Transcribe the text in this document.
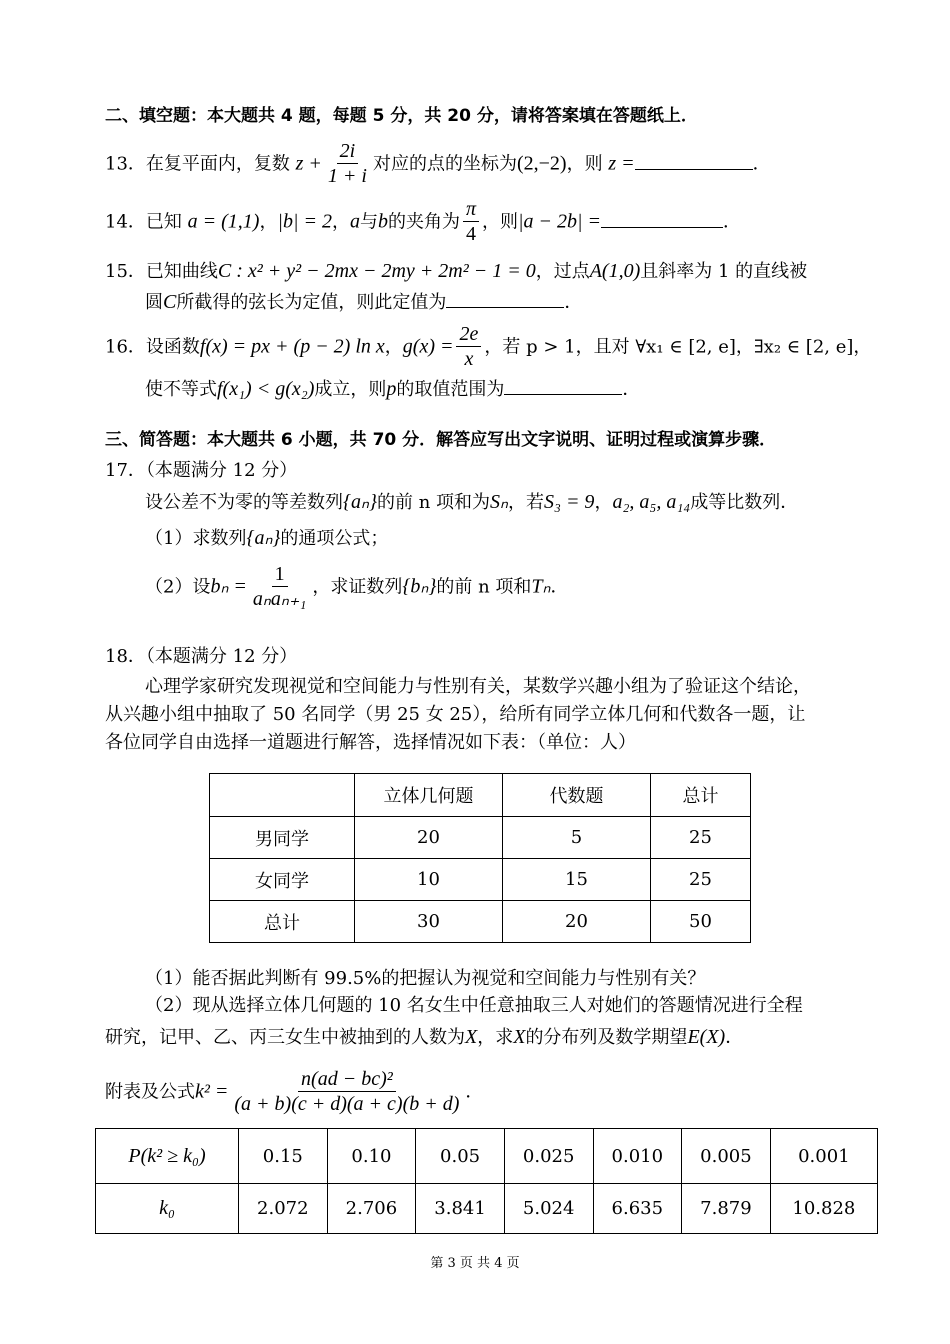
二、填空题：本大题共 4 题，每题 5 分，共 20 分，请将答案填在答题纸上．
13．在复平面内，复数 $z + \frac{2i}{1 + i}$ 对应的点的坐标为(2,−2)，则 z =	．
14．已知 a = (1,1)，|b| = 2，a与b的夹角为 $\frac{\pi}{4}$ ，则|a − 2b| =	．
15．已知曲线C : x² + y² − 2mx − 2my + 2m² − 1 = 0，过点A(1,0)且斜率为 1 的直线被
圆C所截得的弦长为定值，则此定值为	．
16．设函数f(x) = px + (p − 2) ln x，$g(x) = \frac{2e}{x}$ ，若 p > 1，且对 ∀x₁ ∈ [2, e]，∃x₂ ∈ [2, e]，
使不等式f(x₁) < g(x₂)成立，则p的取值范围为	．
三、简答题：本大题共 6 小题，共 70 分．解答应写出文字说明、证明过程或演算步骤．
17．（本题满分 12 分）
设公差不为零的等差数列{aₙ}的前 n 项和为Sₙ，若S₃ = 9，a₂, a₅, a₁₄成等比数列．
（1）求数列{aₙ}的通项公式；
（2）设$b_n = \frac{1}{\text{aₙaₙ₊₁}}$ ，求证数列{bₙ}的前 n 项和Tₙ．
18．（本题满分 12 分）
心理学家研究发现视觉和空间能力与性别有关，某数学兴趣小组为了验证这个结论，
从兴趣小组中抽取了 50 名同学（男 25 女 25），给所有同学立体几何和代数各一题，让
各位同学自由选择一道题进行解答，选择情况如下表：（单位：人）
	立体几何题	代数题	总计
男同学	20	5	25
女同学	10	15	25
总计	30	20	50
（1）能否据此判断有 99.5%的把握认为视觉和空间能力与性别有关？
（2）现从选择立体几何题的 10 名女生中任意抽取三人对她们的答题情况进行全程
研究，记甲、乙、丙三女生中被抽到的人数为X，求X的分布列及数学期望E(X)．
附表及公式$k^2 = \frac{\text{n(ad − bc)²}}{(a + b)(c + d)(a + c)(b + d)}$ ．
P(k² ≥ k₀)	0.15	0.10	0.05	0.025	0.010	0.005	0.001
k₀	2.072	2.706	3.841	5.024	6.635	7.879	10.828
第 3 页 共 4 页
